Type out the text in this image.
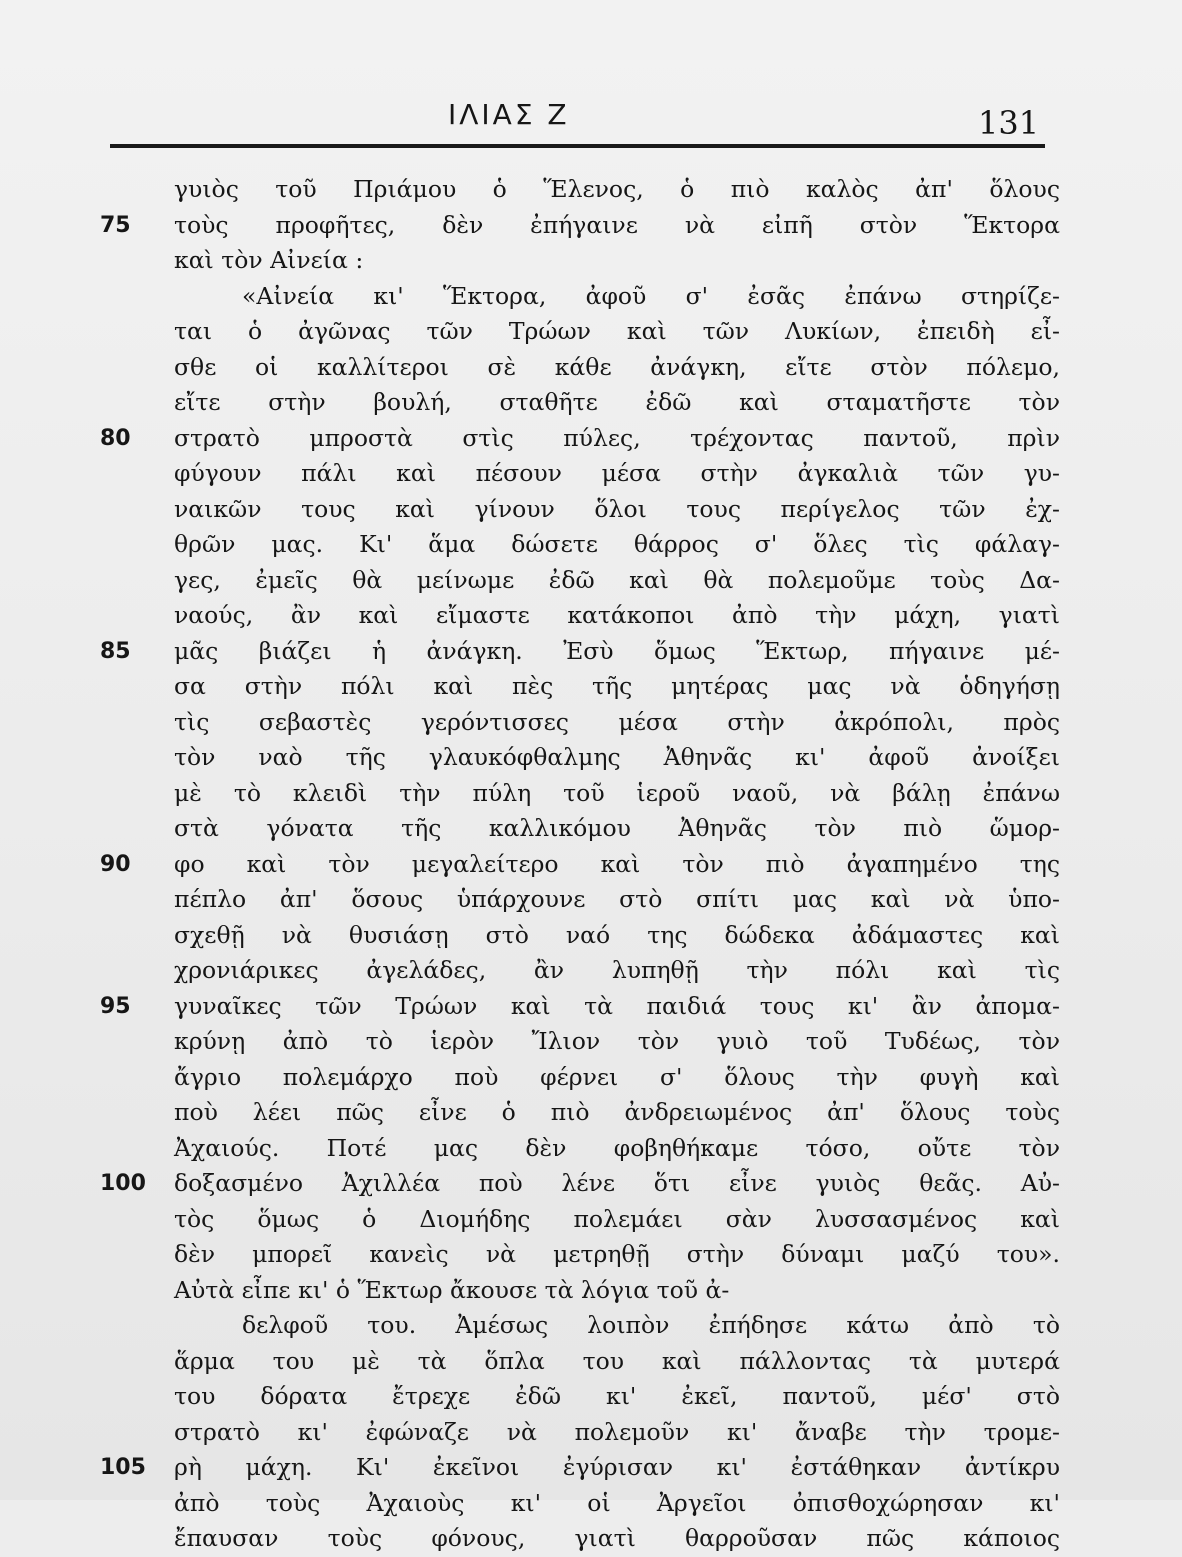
ΙΛΙΑΣ Ζ	131
γυιὸς τοῦ Πριάμου ὁ Ἕλενος, ὁ πιὸ καλὸς ἀπ' ὅλους
75	τοὺς προφῆτες, δὲν ἐπήγαινε νὰ εἰπῆ στὸν Ἕκτορα
καὶ τὸν Αἰνεία :
«Αἰνεία κι' Ἕκτορα, ἀφοῦ σ' ἐσᾶς ἐπάνω στηρίζε-
ται ὁ ἀγῶνας τῶν Τρώων καὶ τῶν Λυκίων, ἐπειδὴ εἶ-
σθε οἱ καλλίτεροι σὲ κάθε ἀνάγκη, εἴτε στὸν πόλεμο,
εἴτε στὴν βουλή, σταθῆτε ἐδῶ καὶ σταματῆστε τὸν
80	στρατὸ μπροστὰ στὶς πύλες, τρέχοντας παντοῦ, πρὶν
φύγουν πάλι καὶ πέσουν μέσα στὴν ἀγκαλιὰ τῶν γυ-
ναικῶν τους καὶ γίνουν ὅλοι τους περίγελος τῶν ἐχ-
θρῶν μας. Κι' ἅμα δώσετε θάρρος σ' ὅλες τὶς φάλαγ-
γες, ἐμεῖς θὰ μείνωμε ἐδῶ καὶ θὰ πολεμοῦμε τοὺς Δα-
ναούς, ἂν καὶ εἴμαστε κατάκοποι ἀπὸ τὴν μάχη, γιατὶ
85	μᾶς βιάζει ἡ ἀνάγκη. Ἐσὺ ὅμως Ἕκτωρ, πήγαινε μέ-
σα στὴν πόλι καὶ πὲς τῆς μητέρας μας νὰ ὁδηγήσῃ
τὶς σεβαστὲς γερόντισσες μέσα στὴν ἀκρόπολι, πρὸς
τὸν ναὸ τῆς γλαυκόφθαλμης Ἀθηνᾶς κι' ἀφοῦ ἀνοίξει
μὲ τὸ κλειδὶ τὴν πύλη τοῦ ἱεροῦ ναοῦ, νὰ βάλῃ ἐπάνω
στὰ γόνατα τῆς καλλικόμου Ἀθηνᾶς τὸν πιὸ ὥμορ-
90	φο καὶ τὸν μεγαλείτερο καὶ τὸν πιὸ ἀγαπημένο της
πέπλο ἀπ' ὅσους ὑπάρχουνε στὸ σπίτι μας καὶ νὰ ὑπο-
σχεθῇ νὰ θυσιάσῃ στὸ ναό της δώδεκα ἀδάμαστες καὶ
χρονιάρικες ἀγελάδες, ἂν λυπηθῇ τὴν πόλι καὶ τὶς
95	γυναῖκες τῶν Τρώων καὶ τὰ παιδιά τους κι' ἂν ἀπομα-
κρύνῃ ἀπὸ τὸ ἱερὸν Ἴλιον τὸν γυιὸ τοῦ Τυδέως, τὸν
ἄγριο πολεμάρχο ποὺ φέρνει σ' ὅλους τὴν φυγὴ καὶ
ποὺ λέει πῶς εἶνε ὁ πιὸ ἀνδρειωμένος ἀπ' ὅλους τοὺς
Ἀχαιούς. Ποτέ μας δὲν φοβηθήκαμε τόσο, οὔτε τὸν
100	δοξασμένο Ἀχιλλέα ποὺ λένε ὅτι εἶνε γυιὸς θεᾶς. Αὐ-
τὸς ὅμως ὁ Διομήδης πολεμάει σὰν λυσσασμένος καὶ
δὲν μπορεῖ κανεὶς νὰ μετρηθῇ στὴν δύναμι μαζύ του».
Αὐτὰ εἶπε κι' ὁ Ἕκτωρ ἄκουσε τὰ λόγια τοῦ ἀ-
δελφοῦ του. Ἀμέσως λοιπὸν ἐπήδησε κάτω ἀπὸ τὸ
ἅρμα του μὲ τὰ ὅπλα του καὶ πάλλοντας τὰ μυτερά
του δόρατα ἔτρεχε ἐδῶ κι' ἐκεῖ, παντοῦ, μέσ' στὸ
στρατὸ κι' ἐφώναζε νὰ πολεμοῦν κι' ἄναβε τὴν τρομε-
105	ρὴ μάχη. Κι' ἐκεῖνοι ἐγύρισαν κι' ἐστάθηκαν ἀντίκρυ
ἀπὸ τοὺς Ἀχαιοὺς κι' οἱ Ἀργεῖοι ὀπισθοχώρησαν κι'
ἔπαυσαν τοὺς φόνους, γιατὶ θαρροῦσαν πῶς κάποιος
